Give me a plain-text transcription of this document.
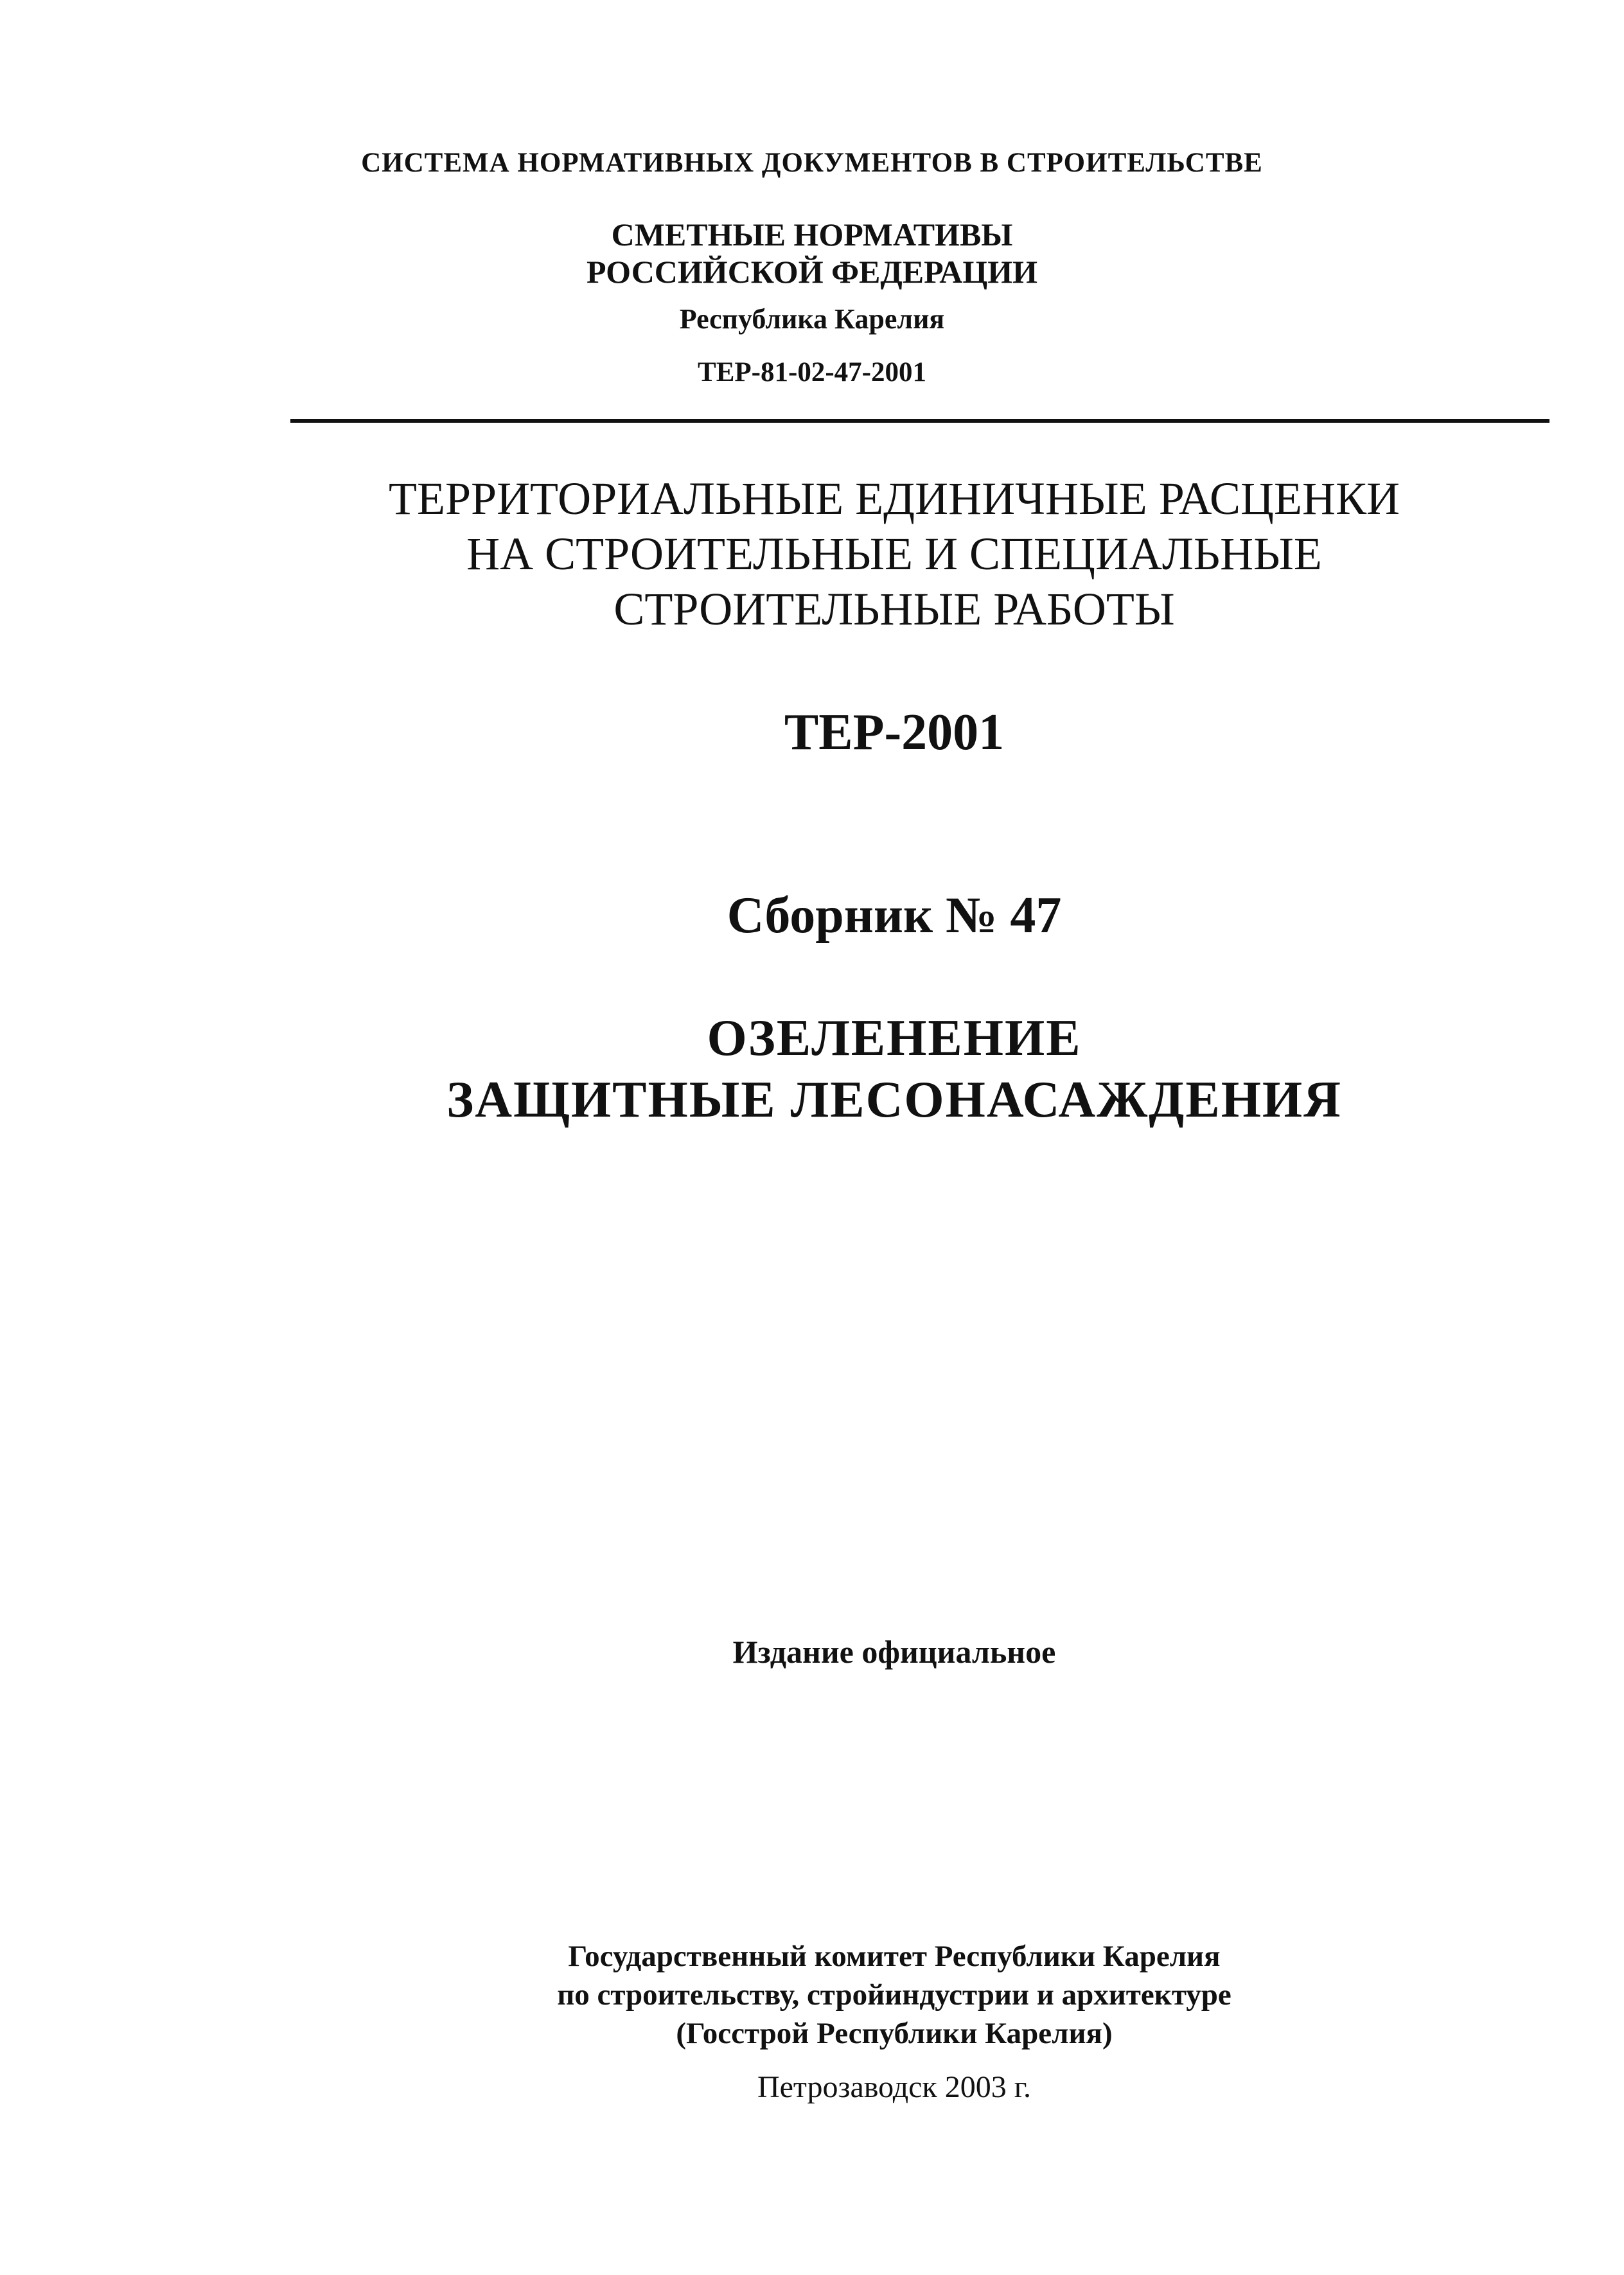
СИСТЕМА НОРМАТИВНЫХ ДОКУМЕНТОВ В СТРОИТЕЛЬСТВЕ
СМЕТНЫЕ НОРМАТИВЫ
РОССИЙСКОЙ ФЕДЕРАЦИИ
Республика Карелия
ТЕР-81-02-47-2001
ТЕРРИТОРИАЛЬНЫЕ ЕДИНИЧНЫЕ РАСЦЕНКИ
НА СТРОИТЕЛЬНЫЕ И СПЕЦИАЛЬНЫЕ
СТРОИТЕЛЬНЫЕ РАБОТЫ
ТЕР-2001
Сборник № 47
ОЗЕЛЕНЕНИЕ
ЗАЩИТНЫЕ ЛЕСОНАСАЖДЕНИЯ
Издание официальное
Государственный комитет Республики Карелия
по строительству, стройиндустрии и архитектуре
(Госстрой Республики Карелия)
Петрозаводск 2003 г.
